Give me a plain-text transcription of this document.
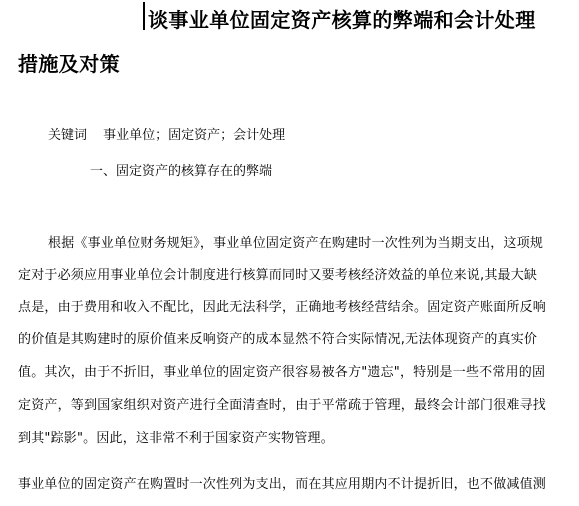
谈事业单位固定资产核算的弊端和会计处理
措施及对策
关键词 事业单位；固定资产；会计处理
一、固定资产的核算存在的弊端
根据《事业单位财务规矩》，事业单位固定资产在购建时一次性列为当期支出，这项规
定对于必须应用事业单位会计制度进行核算而同时又要考核经济效益的单位来说,其最大缺
点是，由于费用和收入不配比，因此无法科学，正确地考核经营结余。固定资产账面所反响
的价值是其购建时的原价值来反响资产的成本显然不符合实际情况,无法体现资产的真实价
值。其次，由于不折旧，事业单位的固定资产很容易被各方"遗忘"，特别是一些不常用的固
定资产，等到国家组织对资产进行全面清查时，由于平常疏于管理，最终会计部门很难寻找
到其"踪影"。因此，这非常不利于国家资产实物管理。
事业单位的固定资产在购置时一次性列为支出，而在其应用期内不计提折旧，也不做减值测
